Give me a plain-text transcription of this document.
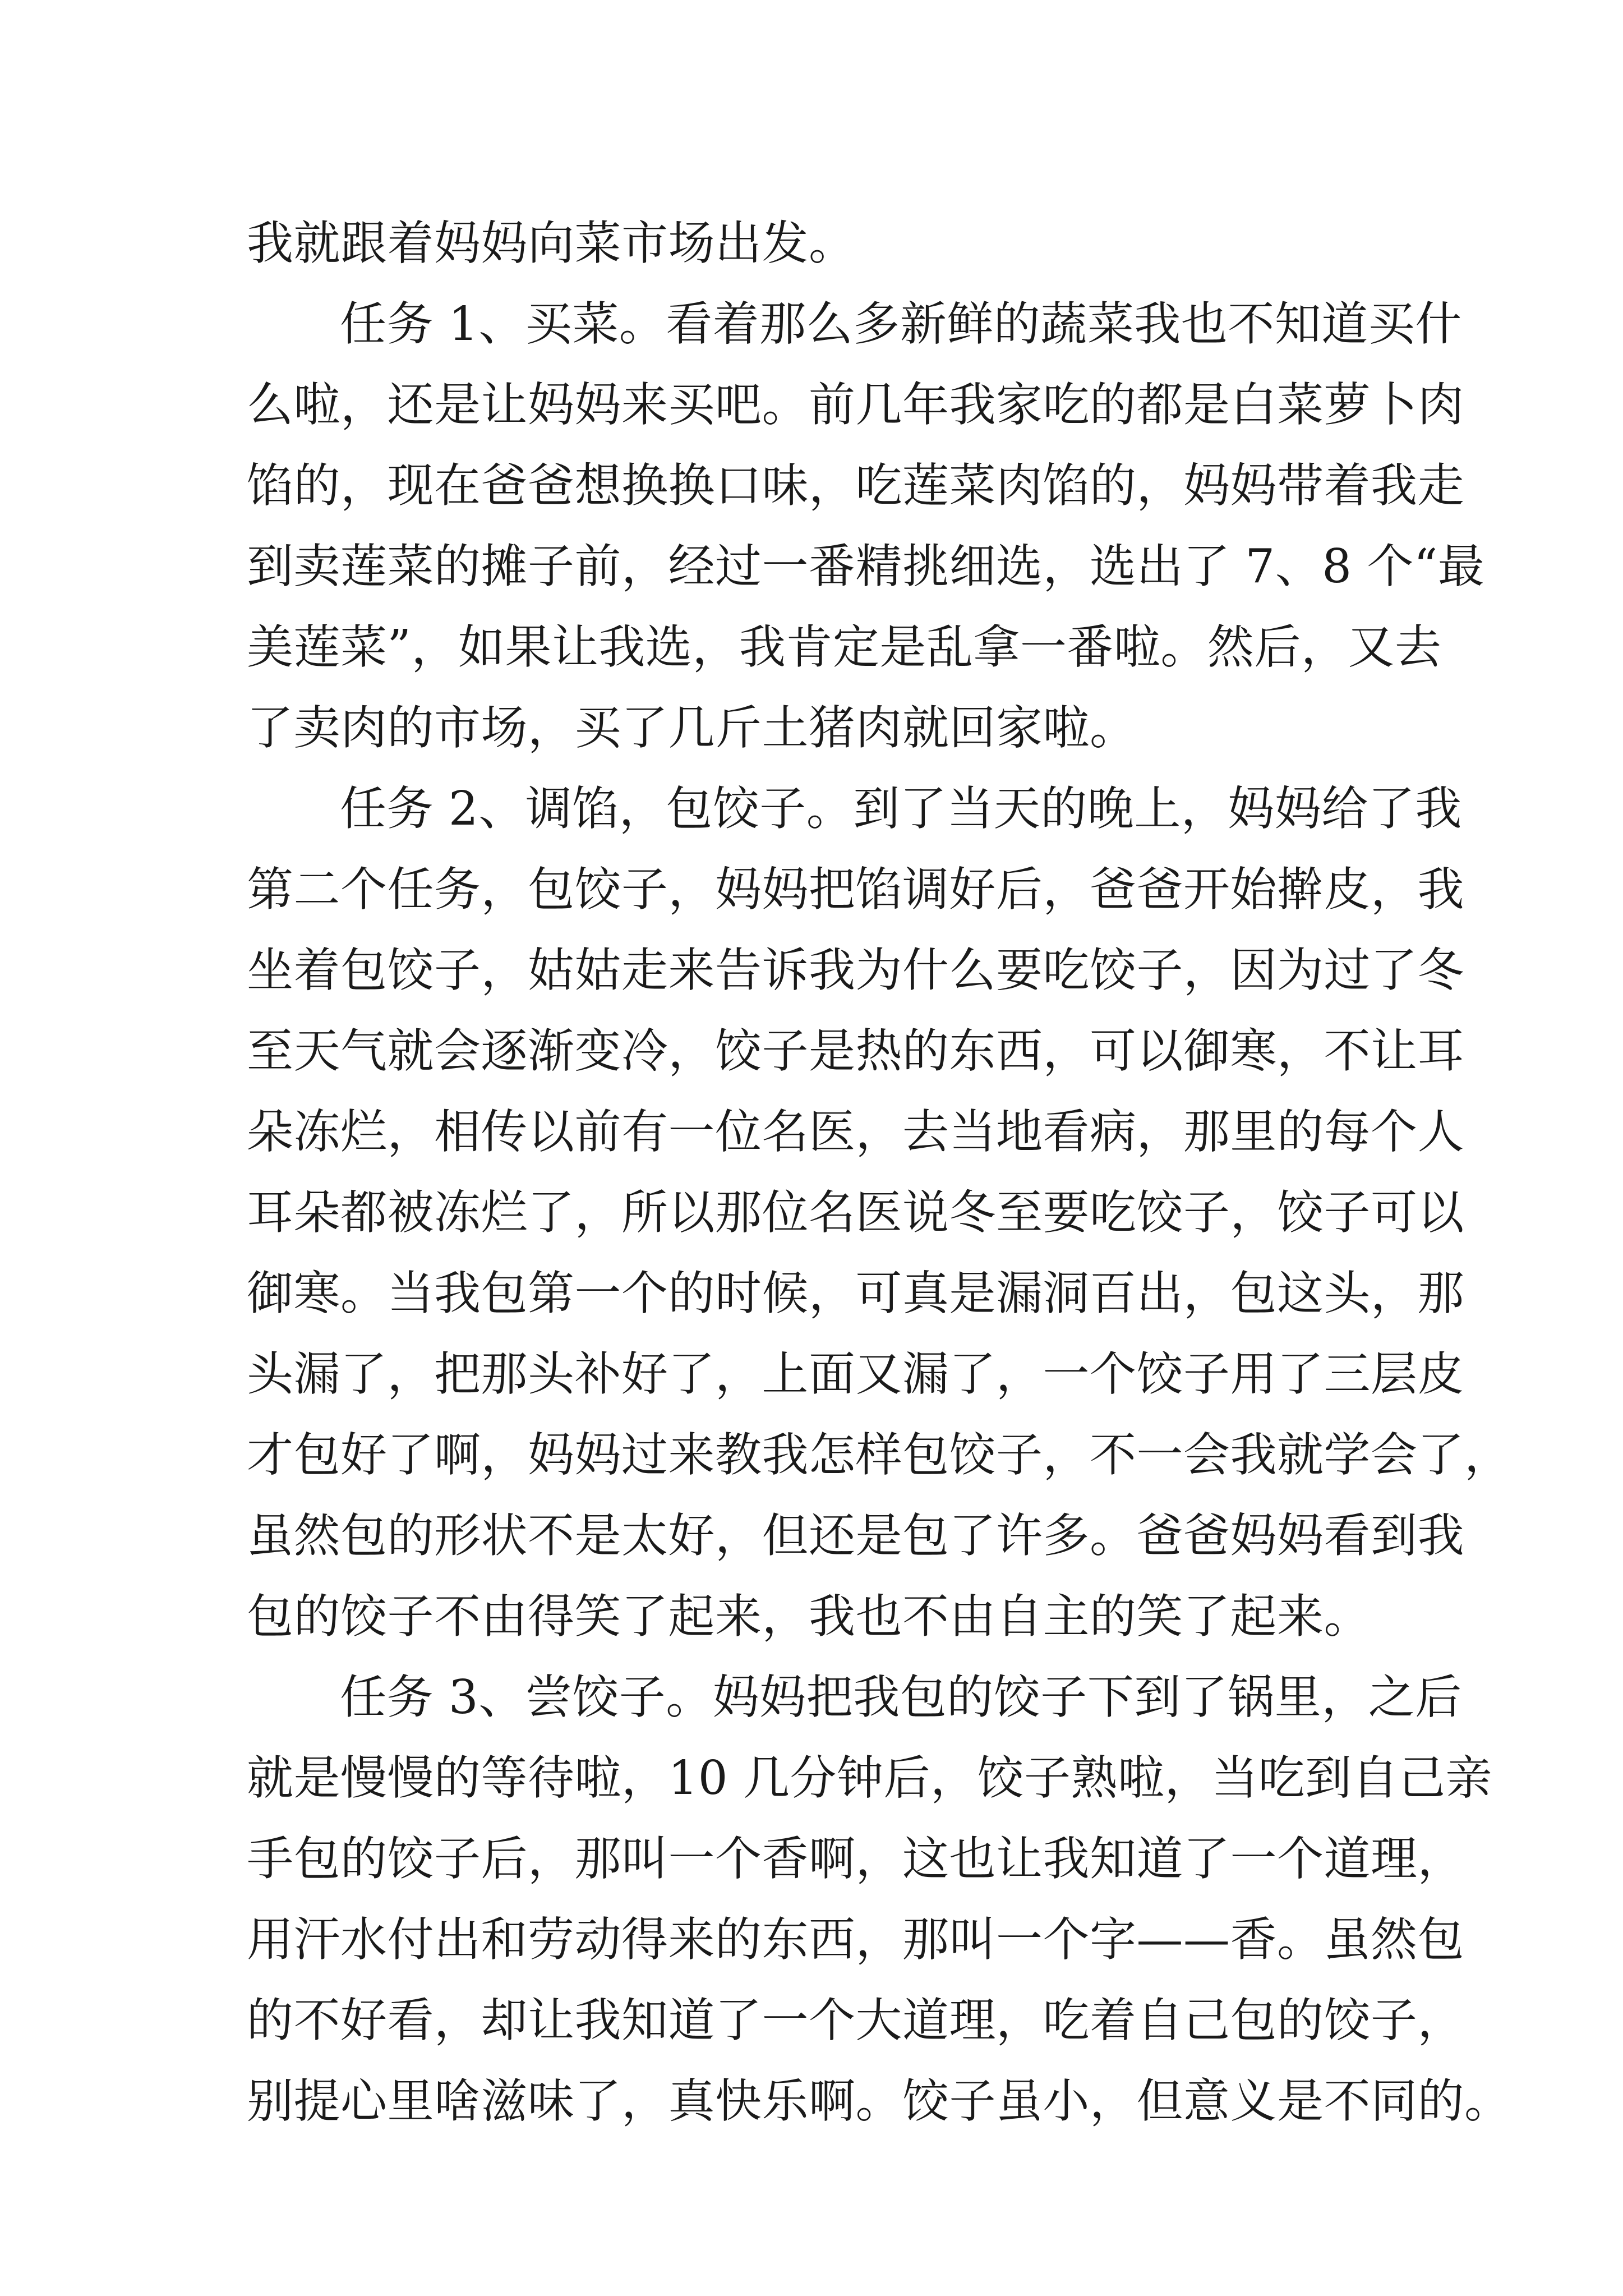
我就跟着妈妈向菜市场出发。
任务 1、买菜。看着那么多新鲜的蔬菜我也不知道买什
么啦，还是让妈妈来买吧。前几年我家吃的都是白菜萝卜肉
馅的，现在爸爸想换换口味，吃莲菜肉馅的，妈妈带着我走
到卖莲菜的摊子前，经过一番精挑细选，选出了 7、8 个“最
美莲菜”，如果让我选，我肯定是乱拿一番啦。然后，又去
了卖肉的市场，买了几斤土猪肉就回家啦。
任务 2、调馅，包饺子。到了当天的晚上，妈妈给了我
第二个任务，包饺子，妈妈把馅调好后，爸爸开始擀皮，我
坐着包饺子，姑姑走来告诉我为什么要吃饺子，因为过了冬
至天气就会逐渐变冷，饺子是热的东西，可以御寒，不让耳
朵冻烂，相传以前有一位名医，去当地看病，那里的每个人
耳朵都被冻烂了，所以那位名医说冬至要吃饺子，饺子可以
御寒。当我包第一个的时候，可真是漏洞百出，包这头，那
头漏了，把那头补好了，上面又漏了，一个饺子用了三层皮
才包好了啊，妈妈过来教我怎样包饺子，不一会我就学会了，
虽然包的形状不是太好，但还是包了许多。爸爸妈妈看到我
包的饺子不由得笑了起来，我也不由自主的笑了起来。
任务 3、尝饺子。妈妈把我包的饺子下到了锅里，之后
就是慢慢的等待啦，10 几分钟后，饺子熟啦，当吃到自己亲
手包的饺子后，那叫一个香啊，这也让我知道了一个道理，
用汗水付出和劳动得来的东西，那叫一个字——香。虽然包
的不好看，却让我知道了一个大道理，吃着自己包的饺子，
别提心里啥滋味了，真快乐啊。饺子虽小，但意义是不同的。
